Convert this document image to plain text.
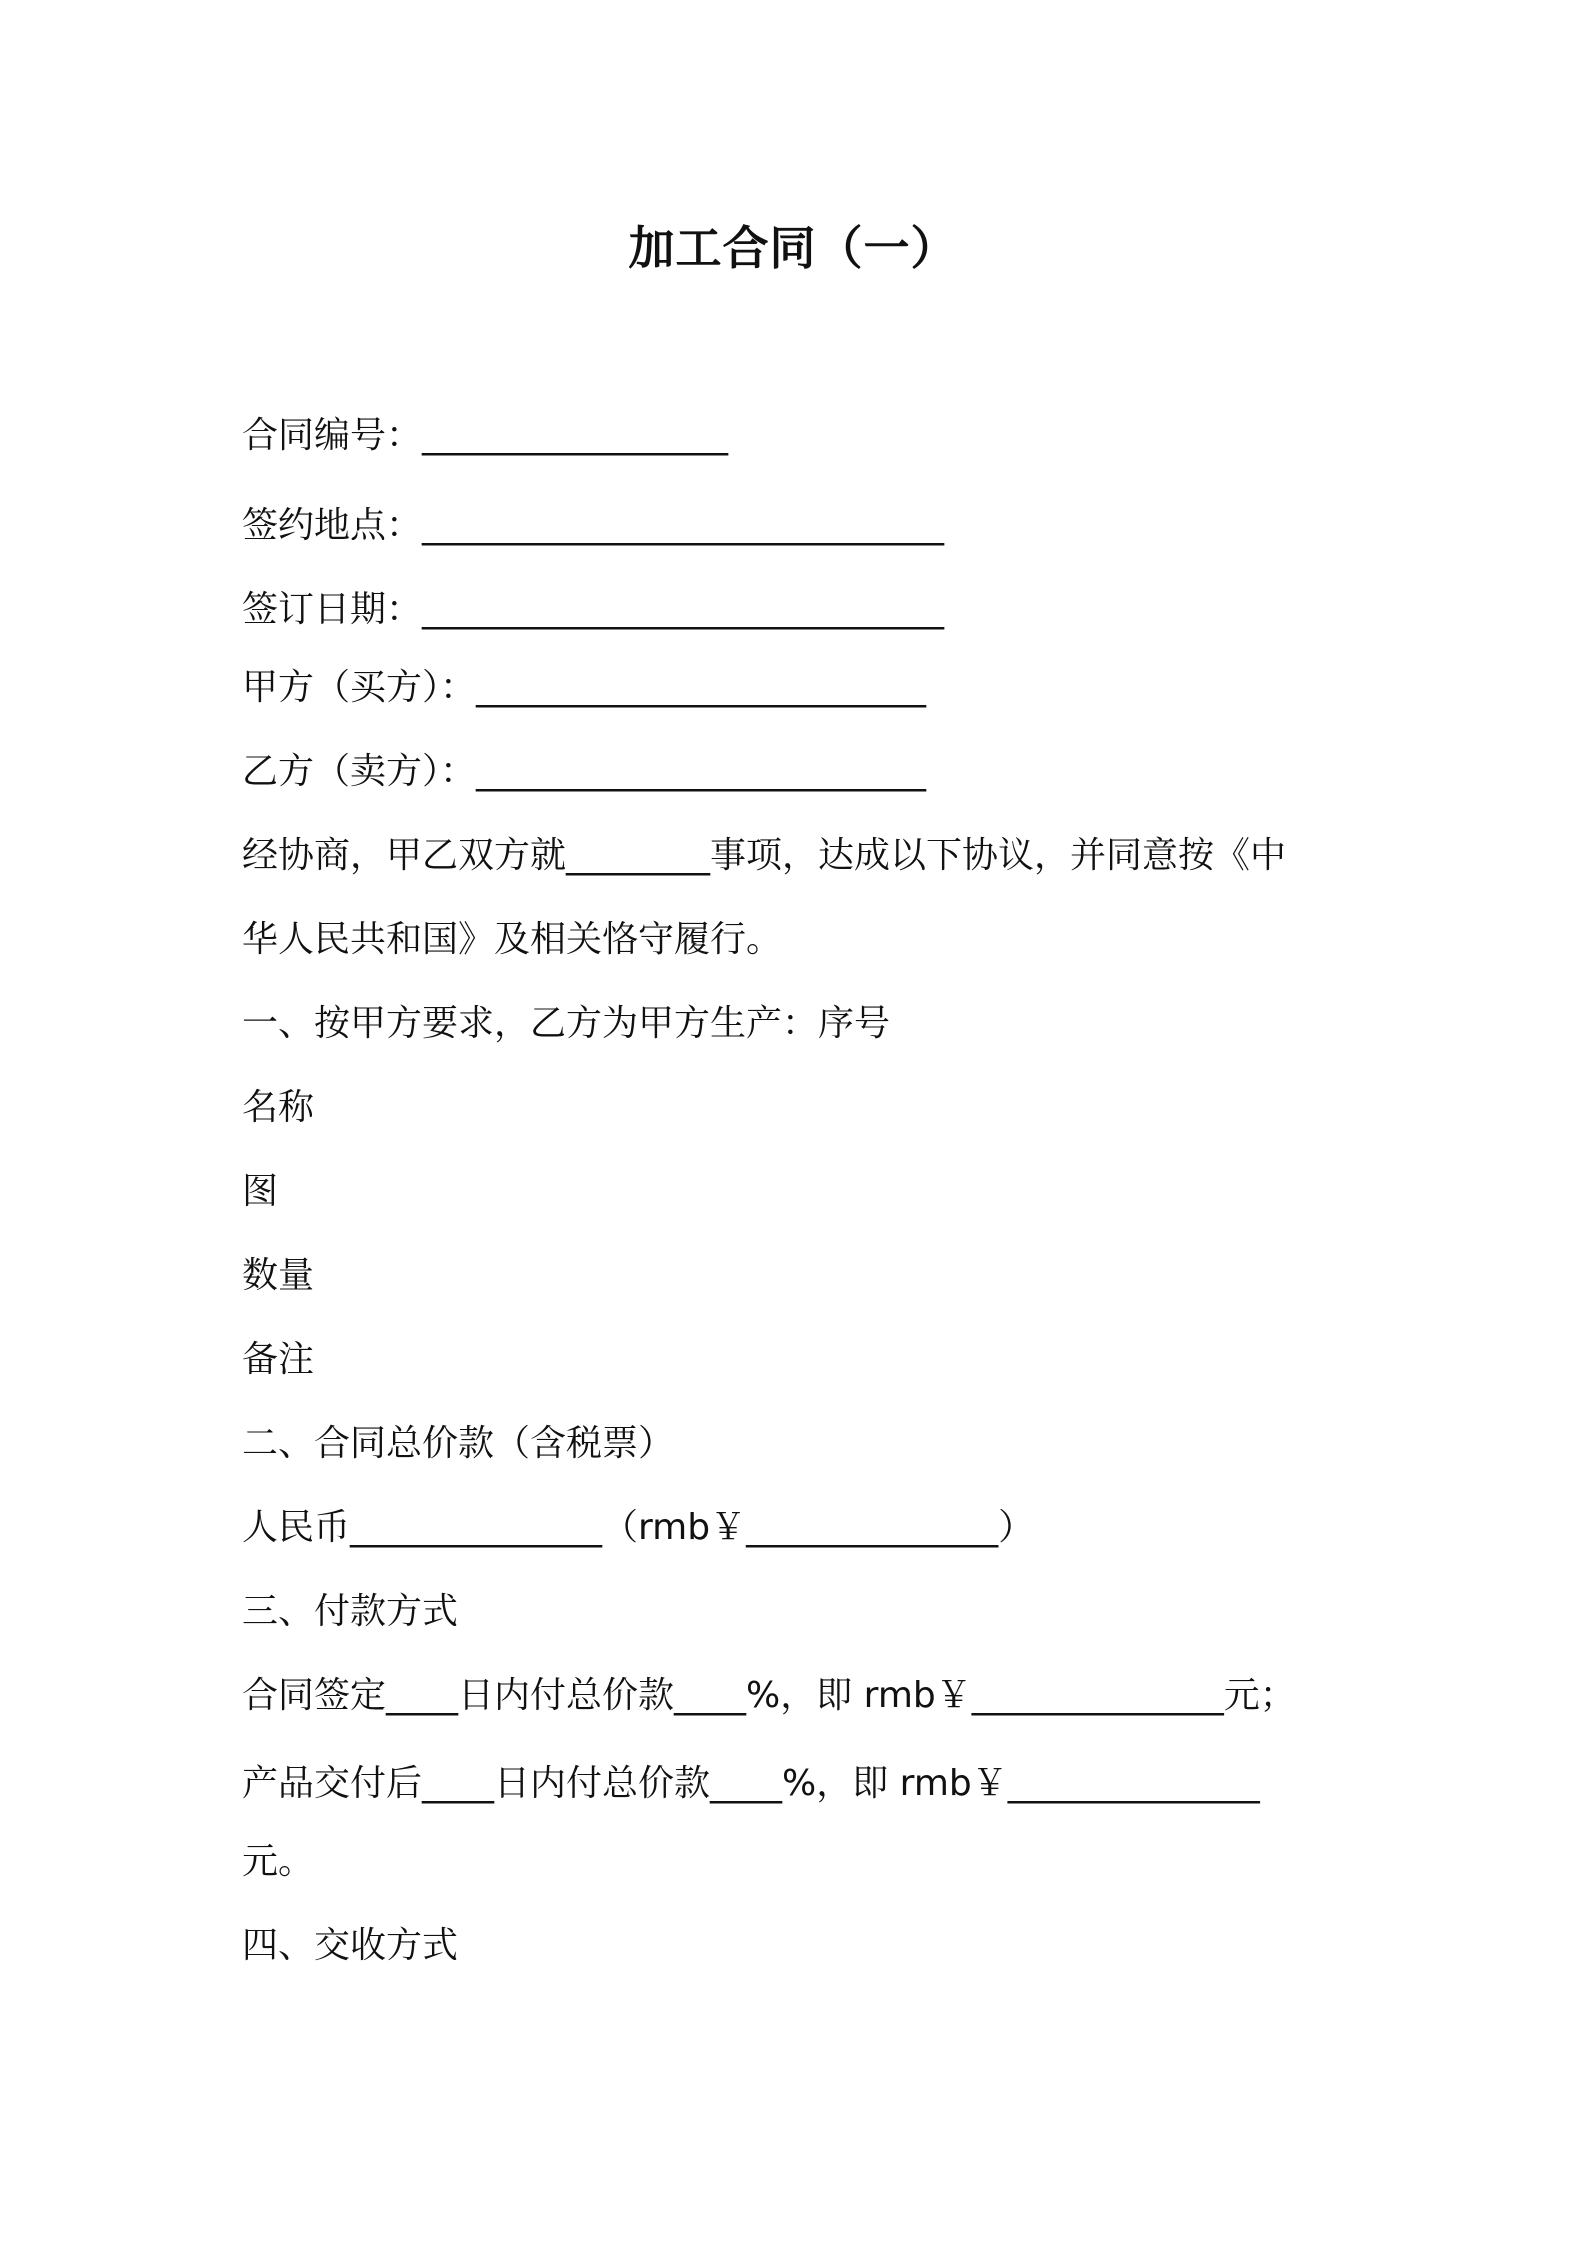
加工合同（一）
合同编号：_________________
签约地点：_____________________________
签订日期：_____________________________
甲方（买方）：_________________________
乙方（卖方）：_________________________
经协商，甲乙双方就________事项，达成以下协议，并同意按《中
华人民共和国》及相关恪守履行。
一、按甲方要求，乙方为甲方生产：序号
名称
图
数量
备注
二、合同总价款（含税票）
人民币______________（rmb￥______________）
三、付款方式
合同签定____日内付总价款____%，即 rmb￥______________元；
产品交付后____日内付总价款____%，即 rmb￥______________
元。
四、交收方式
